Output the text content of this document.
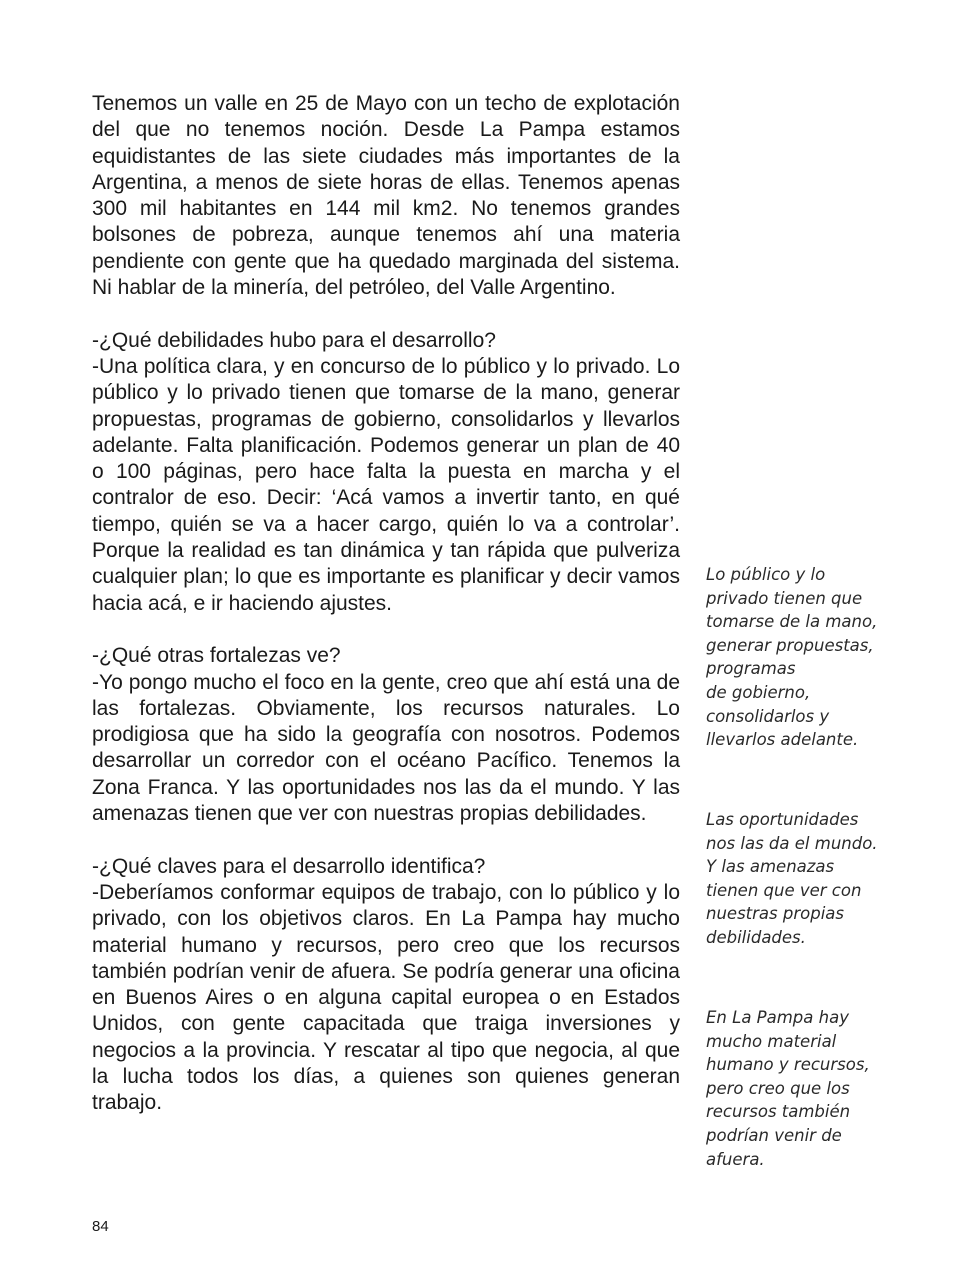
Tenemos un valle en 25 de Mayo con un techo de explotación del que no tenemos noción. Desde La Pampa estamos equidistantes de las siete ciudades más importantes de la Argentina, a menos de siete horas de ellas. Tenemos apenas 300 mil habitantes en 144 mil km2. No tenemos grandes bolsones de pobreza, aunque tenemos ahí una materia pendiente con gente que ha quedado marginada del sistema. Ni hablar de la minería, del petróleo, del Valle Argentino.

-¿Qué debilidades hubo para el desarrollo?

-Una política clara, y en concurso de lo público y lo privado. Lo público y lo privado tienen que tomarse de la mano, generar propuestas, programas de gobierno, consolidarlos y llevarlos adelante. Falta planificación. Podemos generar un plan de 40 o 100 páginas, pero hace falta la puesta en marcha y el contralor de eso. Decir: ‘Acá vamos a invertir tanto, en qué tiempo, quién se va a hacer cargo, quién lo va a controlar’. Porque la realidad es tan dinámica y tan rápida que pulveriza cualquier plan; lo que es importante es planificar y decir vamos hacia acá, e ir haciendo ajustes.

-¿Qué otras fortalezas ve?

-Yo pongo mucho el foco en la gente, creo que ahí está una de las fortalezas. Obviamente, los recursos naturales. Lo prodigiosa que ha sido la geografía con nosotros. Podemos desarrollar un corredor con el océano Pacífico. Tenemos la Zona Franca. Y las oportunidades nos las da el mundo. Y las amenazas tienen que ver con nuestras propias debilidades.

-¿Qué claves para el desarrollo identifica?

-Deberíamos conformar equipos de trabajo, con lo público y lo privado, con los objetivos claros. En La Pampa hay mucho material humano y recursos, pero creo que los recursos también podrían venir de afuera. Se podría generar una oficina en Buenos Aires o en alguna capital europea o en Estados Unidos, con gente capacitada que traiga inversiones y negocios a la provincia. Y rescatar al tipo que negocia, al que la lucha todos los días, a quienes son quienes generan trabajo.

Lo público y lo
privado tienen que
tomarse de la mano,
generar propuestas,
programas
de gobierno,
consolidarlos y
llevarlos adelante.
Las oportunidades
nos las da el mundo.
Y las amenazas
tienen que ver con
nuestras propias
debilidades.
En La Pampa hay
mucho material
humano y recursos,
pero creo que los
recursos también
podrían venir de
afuera.
84
